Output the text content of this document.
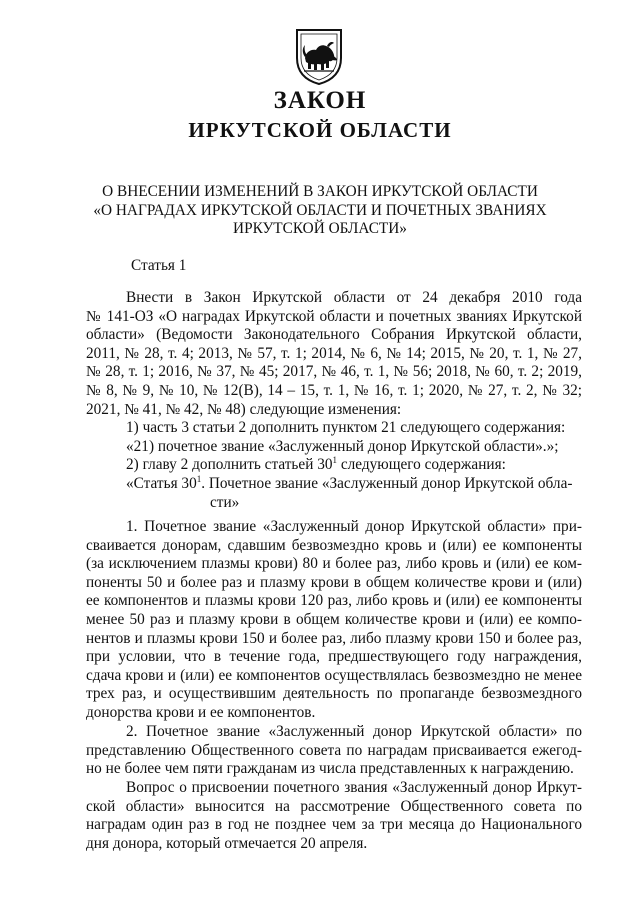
ЗАКОН
ИРКУТСКОЙ ОБЛАСТИ
О ВНЕСЕНИИ ИЗМЕНЕНИЙ В ЗАКОН ИРКУТСКОЙ ОБЛАСТИ
«О НАГРАДАХ ИРКУТСКОЙ ОБЛАСТИ И ПОЧЕТНЫХ ЗВАНИЯХ
ИРКУТСКОЙ ОБЛАСТИ»
Статья 1
Внести в Закон Иркутской области от 24 декабря 2010 года
№ 141-ОЗ «О наградах Иркутской области и почетных званиях Иркутской
области» (Ведомости Законодательного Собрания Иркутской области,
2011, № 28, т. 4; 2013, № 57, т. 1; 2014, № 6, № 14; 2015, № 20, т. 1, № 27,
№ 28, т. 1; 2016, № 37, № 45; 2017, № 46, т. 1, № 56; 2018, № 60, т. 2; 2019,
№ 8, № 9, № 10, № 12(В), 14 – 15, т. 1, № 16, т. 1; 2020, № 27, т. 2, № 32;
2021, № 41, № 42, № 48) следующие изменения:
1) часть 3 статьи 2 дополнить пунктом 21 следующего содержания:
«21) почетное звание «Заслуженный донор Иркутской области».»;
2) главу 2 дополнить статьей $30^1$ следующего содержания:
«Статья $30^1$. Почетное звание «Заслуженный донор Иркутской обла-
сти»
1. Почетное звание «Заслуженный донор Иркутской области» при-
сваивается донорам, сдавшим безвозмездно кровь и (или) ее компоненты
(за исключением плазмы крови) 80 и более раз, либо кровь и (или) ее ком-
поненты 50 и более раз и плазму крови в общем количестве крови и (или)
ее компонентов и плазмы крови 120 раз, либо кровь и (или) ее компоненты
менее 50 раз и плазму крови в общем количестве крови и (или) ее компо-
нентов и плазмы крови 150 и более раз, либо плазму крови 150 и более раз,
при условии, что в течение года, предшествующего году награждения,
сдача крови и (или) ее компонентов осуществлялась безвозмездно не менее
трех раз, и осуществившим деятельность по пропаганде безвозмездного
донорства крови и ее компонентов.
2. Почетное звание «Заслуженный донор Иркутской области» по
представлению Общественного совета по наградам присваивается ежегод-
но не более чем пяти гражданам из числа представленных к награждению.
Вопрос о присвоении почетного звания «Заслуженный донор Иркут-
ской области» выносится на рассмотрение Общественного совета по
наградам один раз в год не позднее чем за три месяца до Национального
дня донора, который отмечается 20 апреля.
